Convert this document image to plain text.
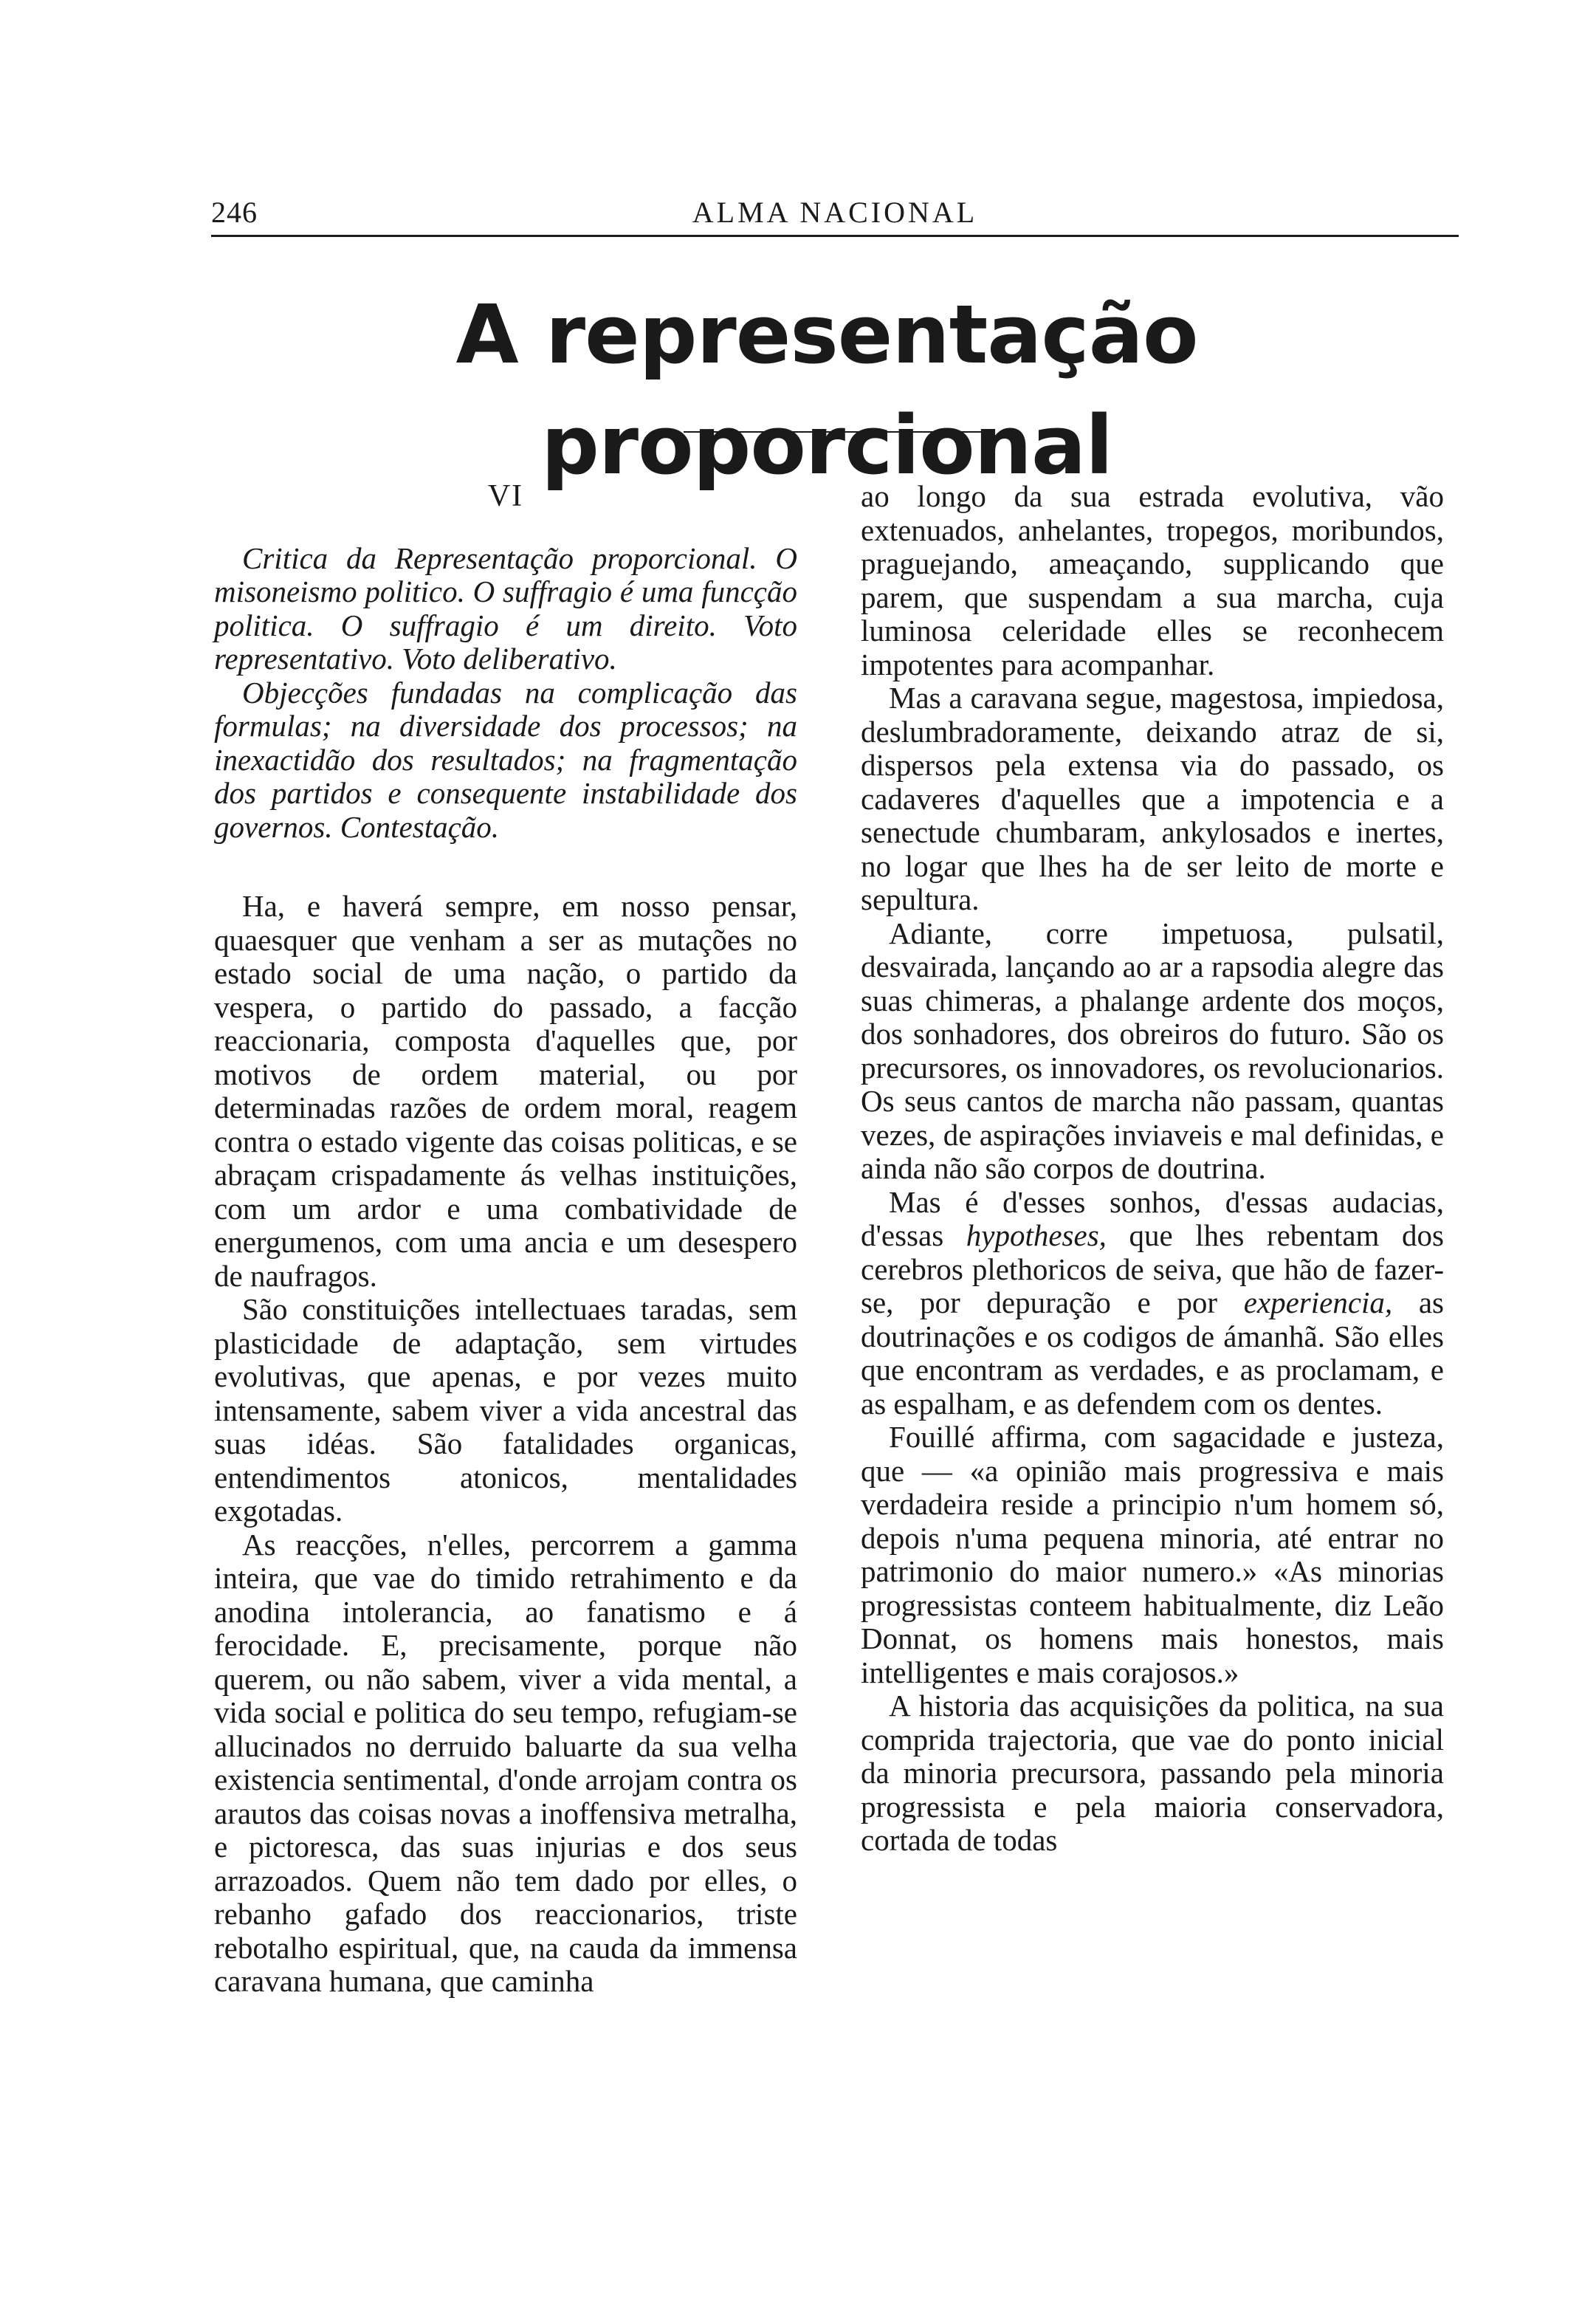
246	ALMA NACIONAL
A representação proporcional
VI

Critica da Representação proporcional. O misoneismo politico. O suffragio é uma funcção politica. O suffragio é um direito. Voto representativo. Voto deliberativo.

Objecções fundadas na complicação das formulas; na diversidade dos processos; na inexactidão dos resultados; na fragmentação dos partidos e consequente instabilidade dos governos. Contestação.

Ha, e haverá sempre, em nosso pensar, quaesquer que venham a ser as mutações no estado social de uma nação, o partido da vespera, o partido do passado, a facção reaccionaria, composta d'aquelles que, por motivos de ordem material, ou por determinadas razões de ordem moral, reagem contra o estado vigente das coisas politicas, e se abraçam crispadamente ás velhas instituições, com um ardor e uma combatividade de energumenos, com uma ancia e um desespero de naufragos.

São constituições intellectuaes taradas, sem plasticidade de adaptação, sem virtudes evolutivas, que apenas, e por vezes muito intensamente, sabem viver a vida ancestral das suas idéas. São fatalidades organicas, entendimentos atonicos, mentalidades exgotadas.

As reacções, n'elles, percorrem a gamma inteira, que vae do timido retrahimento e da anodina intolerancia, ao fanatismo e á ferocidade. E, precisamente, porque não querem, ou não sabem, viver a vida mental, a vida social e politica do seu tempo, refugiam-se allucinados no derruido baluarte da sua velha existencia sentimental, d'onde arrojam contra os arautos das coisas novas a inoffensiva metralha, e pictoresca, das suas injurias e dos seus arrazoados. Quem não tem dado por elles, o rebanho gafado dos reaccionarios, triste rebotalho espiritual, que, na cauda da immensa caravana humana, que caminha

ao longo da sua estrada evolutiva, vão extenuados, anhelantes, tropegos, moribundos, praguejando, ameaçando, supplicando que parem, que suspendam a sua marcha, cuja luminosa celeridade elles se reconhecem impotentes para acompanhar.

Mas a caravana segue, magestosa, impiedosa, deslumbradoramente, deixando atraz de si, dispersos pela extensa via do passado, os cadaveres d'aquelles que a impotencia e a senectude chumbaram, ankylosados e inertes, no logar que lhes ha de ser leito de morte e sepultura.

Adiante, corre impetuosa, pulsatil, desvairada, lançando ao ar a rapsodia alegre das suas chimeras, a phalange ardente dos moços, dos sonhadores, dos obreiros do futuro. São os precursores, os innovadores, os revolucionarios. Os seus cantos de marcha não passam, quantas vezes, de aspirações inviaveis e mal definidas, e ainda não são corpos de doutrina.

Mas é d'esses sonhos, d'essas audacias, d'essas hypotheses, que lhes rebentam dos cerebros plethoricos de seiva, que hão de fazer-se, por depuração e por experiencia, as doutrinações e os codigos de ámanhã. São elles que encontram as verdades, e as proclamam, e as espalham, e as defendem com os dentes.

Fouillé affirma, com sagacidade e justeza, que — «a opinião mais progressiva e mais verdadeira reside a principio n'um homem só, depois n'uma pequena minoria, até entrar no patrimonio do maior numero.» «As minorias progressistas conteem habitualmente, diz Leão Donnat, os homens mais honestos, mais intelligentes e mais corajosos.»

A historia das acquisições da politica, na sua comprida trajectoria, que vae do ponto inicial da minoria precursora, passando pela minoria progressista e pela maioria conservadora, cortada de todas
